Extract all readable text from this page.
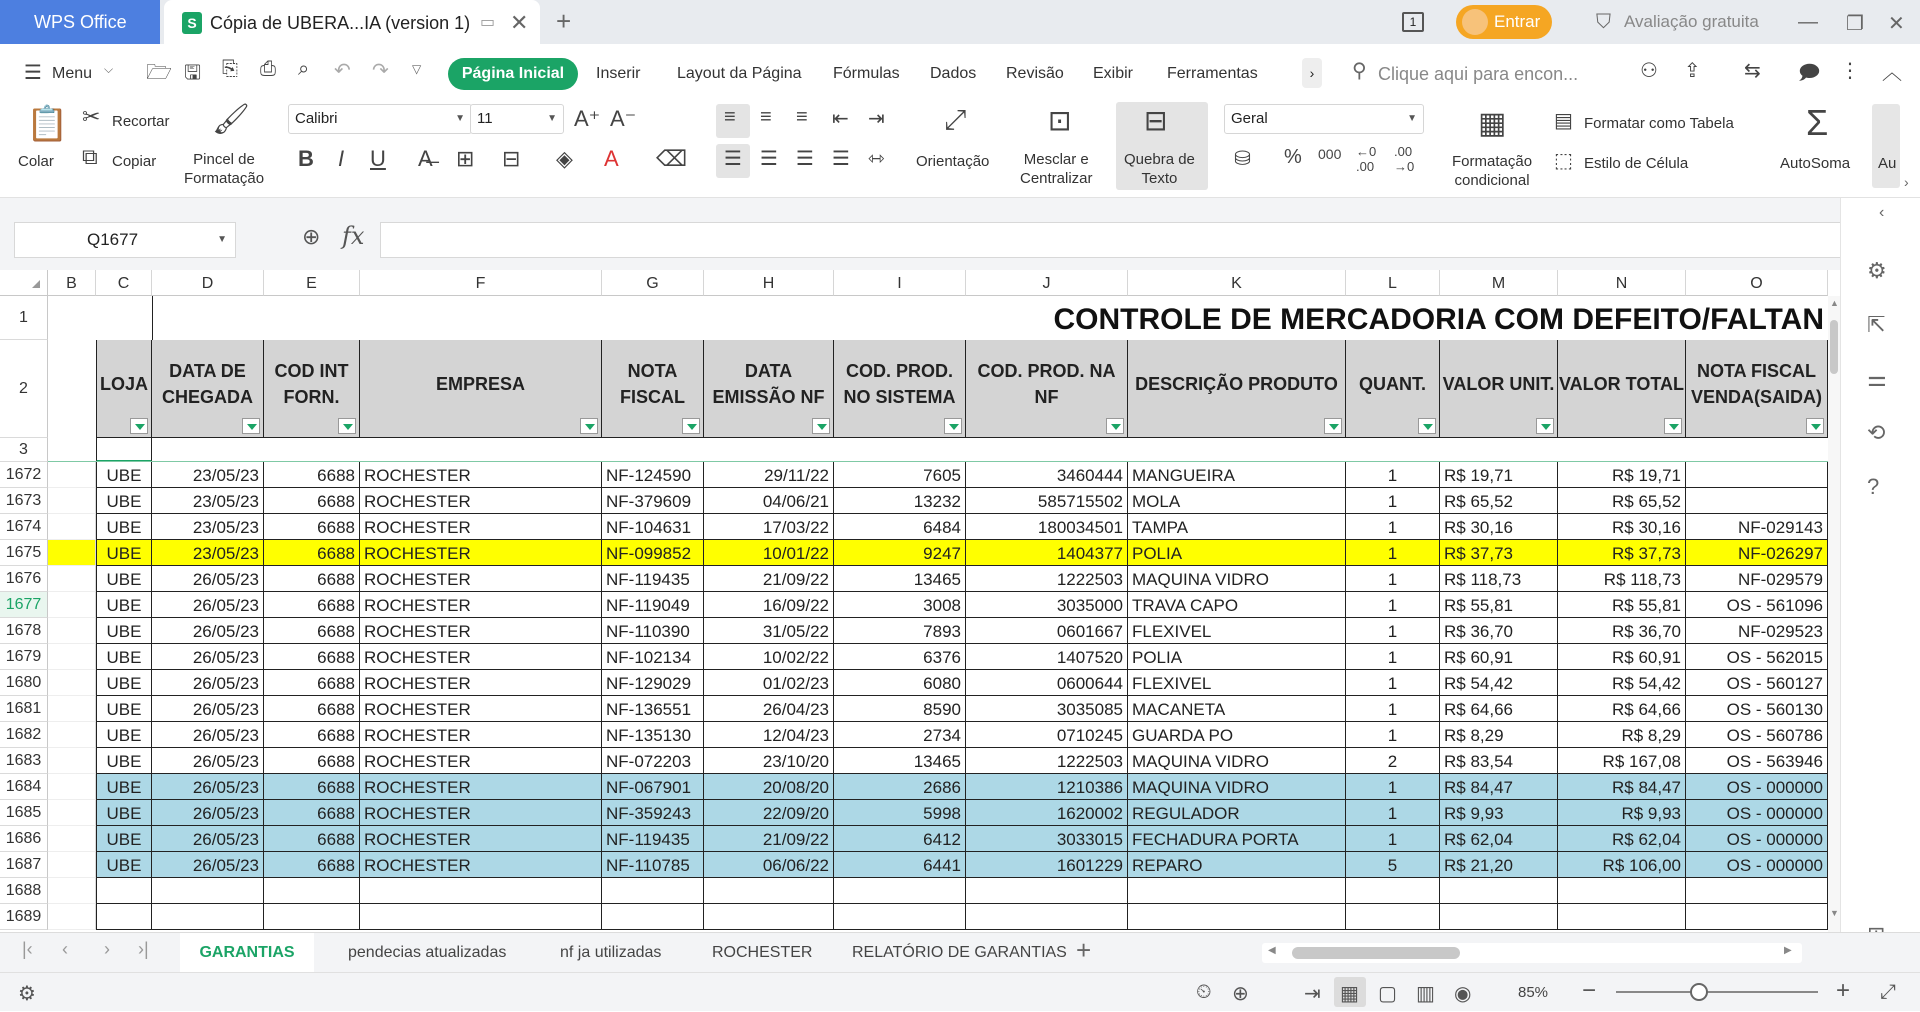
WPS Office	S Cópia de UBERA...IA (version 1) ▭ ✕ +	1	Entrar	⛉ Avaliação gratuita — ❐ ✕
☰ Menu ⌵ 🗁 🖫 ⎘ ⎙ ⌕ ↶ ↷ ▽	Página Inicial	Inserir Layout da Página Fórmulas Dados Revisão Exibir Ferramentas	›	⚲ Clique aqui para encon...	⚇ ⇪ ⇆ 🗩 ⋮ ︿
📋
Colar
✂ Recortar
⧉ Copiar
🖌
Pincel de
Formatação
Calibri	▼ 11	▼ A⁺ A⁻
B I U A̶ ⊞ ⊟ ◈ A ⌫
≡ ≡ ≡ ⇤ ⇥
☰ ☰ ☰ ☰ ⇿
⤢
Orientação
⊡
Mesclar e
Centralizar
⊟
Quebra de
Texto
Geral	▼
⛁ % 000 ←0
.00
.00
→0
▦
Formatação
condicional
▤ Formatar como Tabela
⬚ Estilo de Célula
Σ
AutoSoma Au
›
Q1677	▼	⊕ fx
B	C	D	E	F	G	H	I	J	K	L	M	N	O
1
2
3
1672
1673
1674
1675
1676
1677
1678
1679
1680
1681
1682
1683
1684
1685
1686
1687
1688
1689
CONTROLE DE MERCADORIA COM DEFEITO/FALTAN
LOJA
DATA DE
CHEGADA
COD INT
FORN.
EMPRESA
NOTA
FISCAL
DATA
EMISSÃO NF
COD. PROD.
NO SISTEMA
COD. PROD. NA
NF
DESCRIÇÃO PRODUTO QUANT. VALOR UNIT. VALOR TOTAL
NOTA FISCAL
VENDA(SAIDA)
UBE	23/05/23	6688 ROCHESTER	NF-124590	29/11/22	7605	3460444 MANGUEIRA	1	R$ 19,71	R$ 19,71
UBE	23/05/23	6688 ROCHESTER	NF-379609	04/06/21	13232	585715502 MOLA	1	R$ 65,52	R$ 65,52
UBE	23/05/23	6688 ROCHESTER	NF-104631	17/03/22	6484	180034501 TAMPA	1	R$ 30,16	R$ 30,16	NF-029143
UBE	23/05/23	6688 ROCHESTER	NF-099852	10/01/22	9247	1404377 POLIA	1	R$ 37,73	R$ 37,73	NF-026297
UBE	26/05/23	6688 ROCHESTER	NF-119435	21/09/22	13465	1222503 MAQUINA VIDRO	1	R$ 118,73	R$ 118,73	NF-029579
UBE	26/05/23	6688 ROCHESTER	NF-119049	16/09/22	3008	3035000 TRAVA CAPO	1	R$ 55,81	R$ 55,81	OS - 561096
UBE	26/05/23	6688 ROCHESTER	NF-110390	31/05/22	7893	0601667 FLEXIVEL	1	R$ 36,70	R$ 36,70	NF-029523
UBE	26/05/23	6688 ROCHESTER	NF-102134	10/02/22	6376	1407520 POLIA	1	R$ 60,91	R$ 60,91	OS - 562015
UBE	26/05/23	6688 ROCHESTER	NF-129029	01/02/23	6080	0600644 FLEXIVEL	1	R$ 54,42	R$ 54,42	OS - 560127
UBE	26/05/23	6688 ROCHESTER	NF-136551	26/04/23	8590	3035085 MACANETA	1	R$ 64,66	R$ 64,66	OS - 560130
UBE	26/05/23	6688 ROCHESTER	NF-135130	12/04/23	2734	0710245 GUARDA PO	1	R$ 8,29	R$ 8,29	OS - 560786
UBE	26/05/23	6688 ROCHESTER	NF-072203	23/10/20	13465	1222503 MAQUINA VIDRO	2	R$ 83,54	R$ 167,08	OS - 563946
UBE	26/05/23	6688 ROCHESTER	NF-067901	20/08/20	2686	1210386 MAQUINA VIDRO	1	R$ 84,47	R$ 84,47	OS - 000000
UBE	26/05/23	6688 ROCHESTER	NF-359243	22/09/20	5998	1620002 REGULADOR	1	R$ 9,93	R$ 9,93	OS - 000000
UBE	26/05/23	6688 ROCHESTER	NF-119435	21/09/22	6412	3033015 FECHADURA PORTA	1	R$ 62,04	R$ 62,04	OS - 000000
UBE	26/05/23	6688 ROCHESTER	NF-110785	06/06/22	6441	1601229 REPARO	5	R$ 21,20	R$ 106,00	OS - 000000
‹
⚙
⇱
⚌
⟲
?
▲
▼
|‹ ‹ › ›|	GARANTIAS	pendecias atualizadas	nf ja utilizadas	ROCHESTER RELATÓRIO DE GARANTIAS +	◀	▶
⚙	⏲ ⊕	⇥ ▦ ▢ ▥ ◉	85% −	+ ⤢
